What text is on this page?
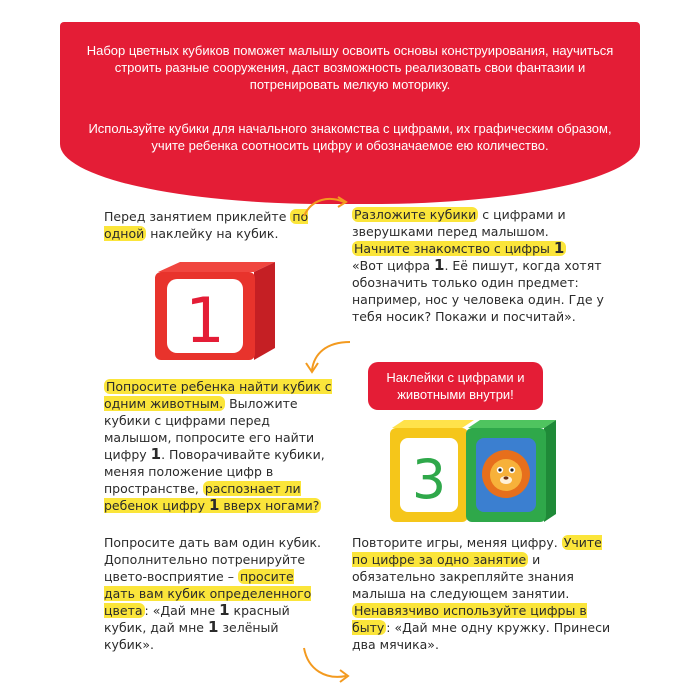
Набор цветных кубиков поможет малышу освоить основы конструирования, научиться строить разные сооружения, даст возможность реализовать свои фантазии и потренировать мелкую моторику.

Используйте кубики для начального знакомства с цифрами, их графическим образом, учите ребенка соотносить цифру и обозначаемое ею количество.

Перед занятием приклейте по одной наклейку на кубик.
1
Разложите кубики с цифрами и зверушками перед малышом.
Начните знакомство с цифры 1
«Вот цифра 1. Её пишут, когда хотят обозначить только один предмет: например, нос у человека один. Где у тебя носик? Покажи и посчитай».
Попросите ребенка найти кубик с одним животным. Выложите кубики с цифрами перед малышом, попросите его найти цифру 1. Поворачивайте кубики, меняя положение цифр в пространстве, распознает ли ребенок цифру 1 вверх ногами?
Наклейки с цифрами и животными внутри!
3
Попросите дать вам один кубик. Дополнительно потренируйте цвето-восприятие – просите дать вам кубик определенного цвета : «Дай мне 1 красный кубик, дай мне 1 зелёный кубик».
Повторите игры, меняя цифру. Учите по цифре за одно занятие и обязательно закрепляйте знания малыша на следующем занятии. Ненавязчиво используйте цифры в быту : «Дай мне одну кружку. Принеси два мячика».
